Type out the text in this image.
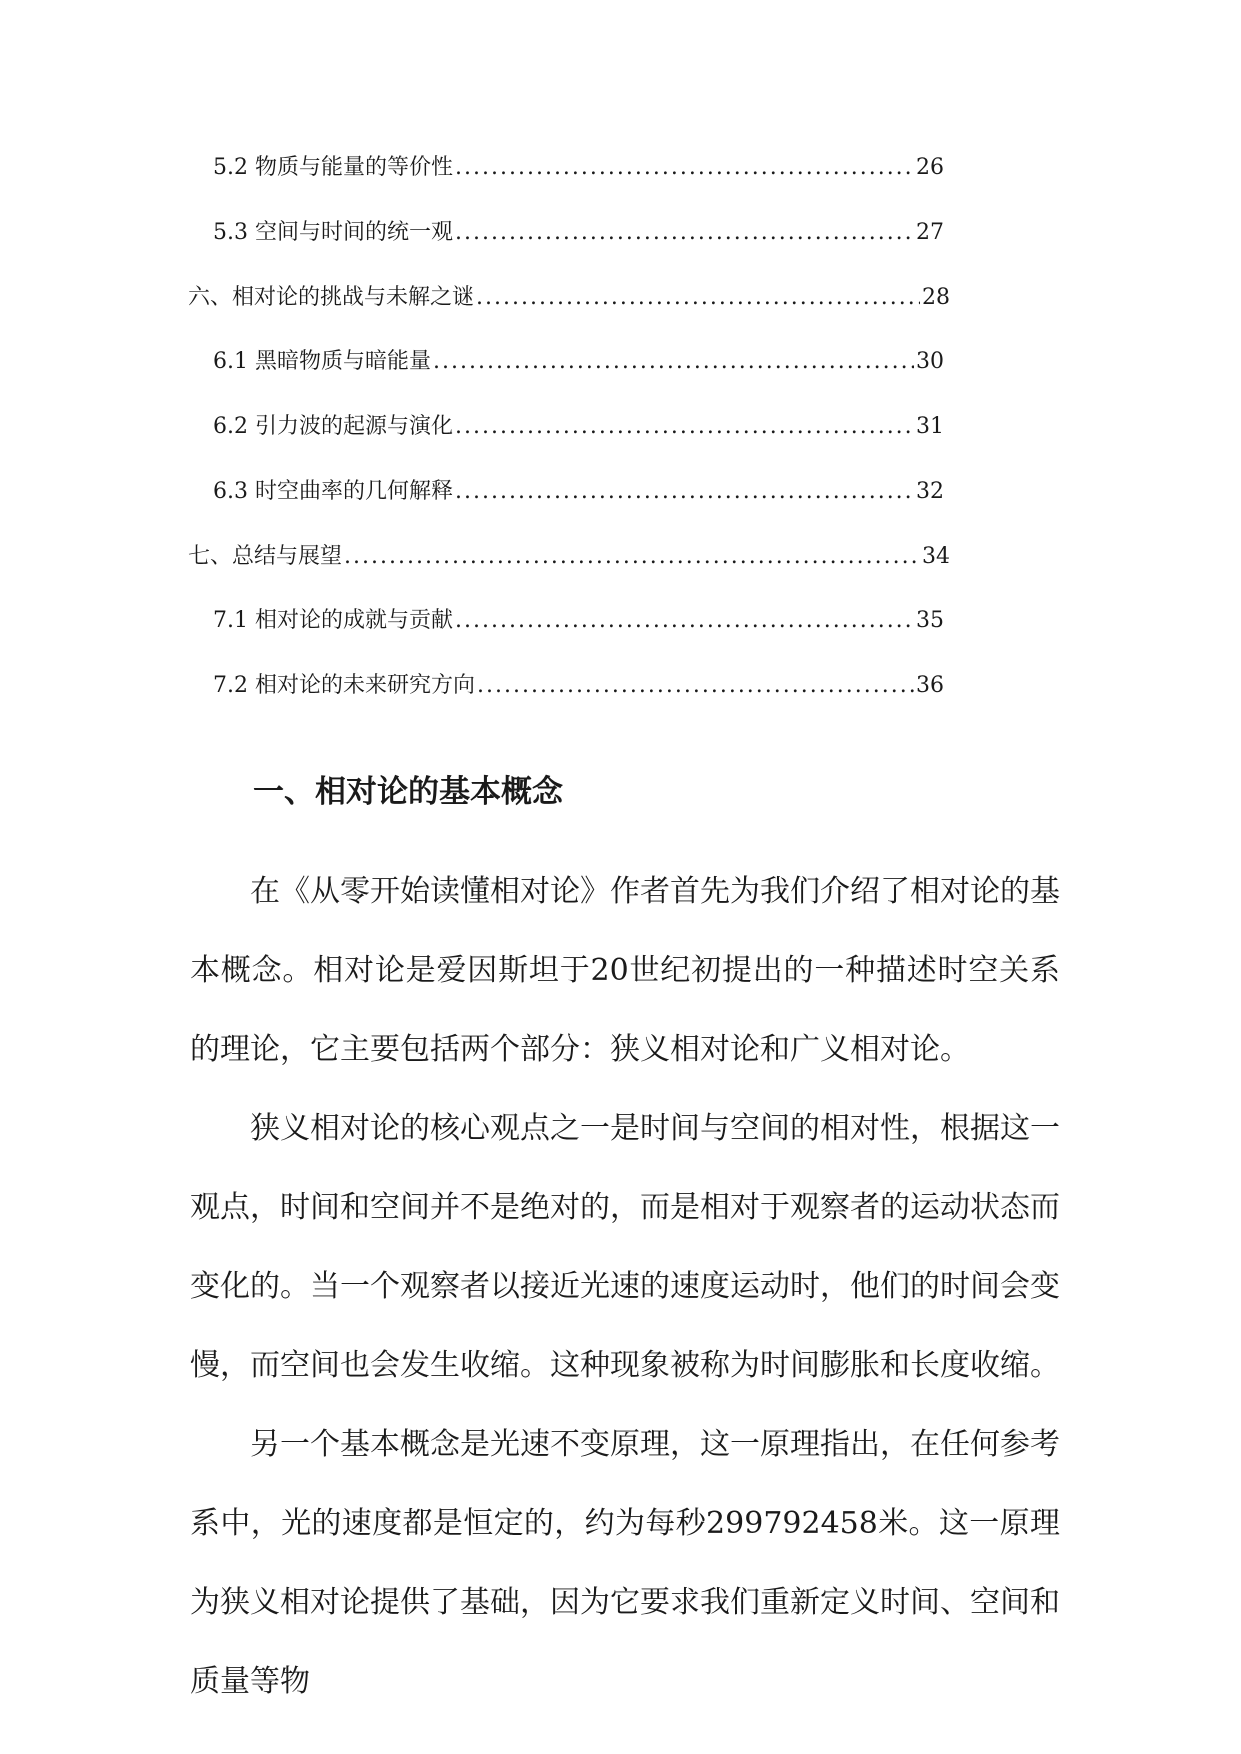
5.2 物质与能量的等价性 .....	26
5.3 空间与时间的统一观 .....	27
六、相对论的挑战与未解之谜 .....	28
6.1 黑暗物质与暗能量 .....	30
6.2 引力波的起源与演化 .....	31
6.3 时空曲率的几何解释 .....	32
七、总结与展望 .....	34
7.1 相对论的成就与贡献 .....	35
7.2 相对论的未来研究方向 .....	36
一、相对论的基本概念

在《从零开始读懂相对论》作者首先为我们介绍了相对论的基本概念。相对论是爱因斯坦于20世纪初提出的一种描述时空关系的理论，它主要包括两个部分：狭义相对论和广义相对论。

狭义相对论的核心观点之一是时间与空间的相对性，根据这一观点，时间和空间并不是绝对的，而是相对于观察者的运动状态而变化的。当一个观察者以接近光速的速度运动时，他们的时间会变慢，而空间也会发生收缩。这种现象被称为时间膨胀和长度收缩。

另一个基本概念是光速不变原理，这一原理指出，在任何参考系中，光的速度都是恒定的，约为每秒299792458米。这一原理为狭义相对论提供了基础，因为它要求我们重新定义时间、空间和质量等物
